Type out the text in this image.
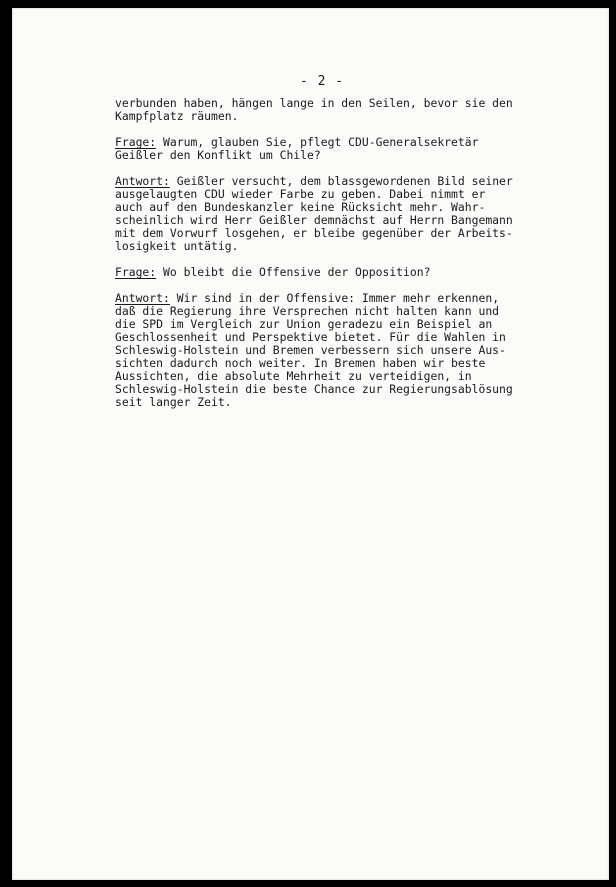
- 2 -

verbunden haben, hängen lange in den Seilen, bevor sie den
Kampfplatz räumen.

Frage: Warum, glauben Sie, pflegt CDU-Generalsekretär
Geißler den Konflikt um Chile?

Antwort: Geißler versucht, dem blassgewordenen Bild seiner
ausgelaugten CDU wieder Farbe zu geben. Dabei nimmt er
auch auf den Bundeskanzler keine Rücksicht mehr. Wahr-
scheinlich wird Herr Geißler demnächst auf Herrn Bangemann
mit dem Vorwurf losgehen, er bleibe gegenüber der Arbeits-
losigkeit untätig.

Frage: Wo bleibt die Offensive der Opposition?

Antwort: Wir sind in der Offensive: Immer mehr erkennen,
daß die Regierung ihre Versprechen nicht halten kann und
die SPD im Vergleich zur Union geradezu ein Beispiel an
Geschlossenheit und Perspektive bietet. Für die Wahlen in
Schleswig-Holstein und Bremen verbessern sich unsere Aus-
sichten dadurch noch weiter. In Bremen haben wir beste
Aussichten, die absolute Mehrheit zu verteidigen, in
Schleswig-Holstein die beste Chance zur Regierungsablösung
seit langer Zeit.
